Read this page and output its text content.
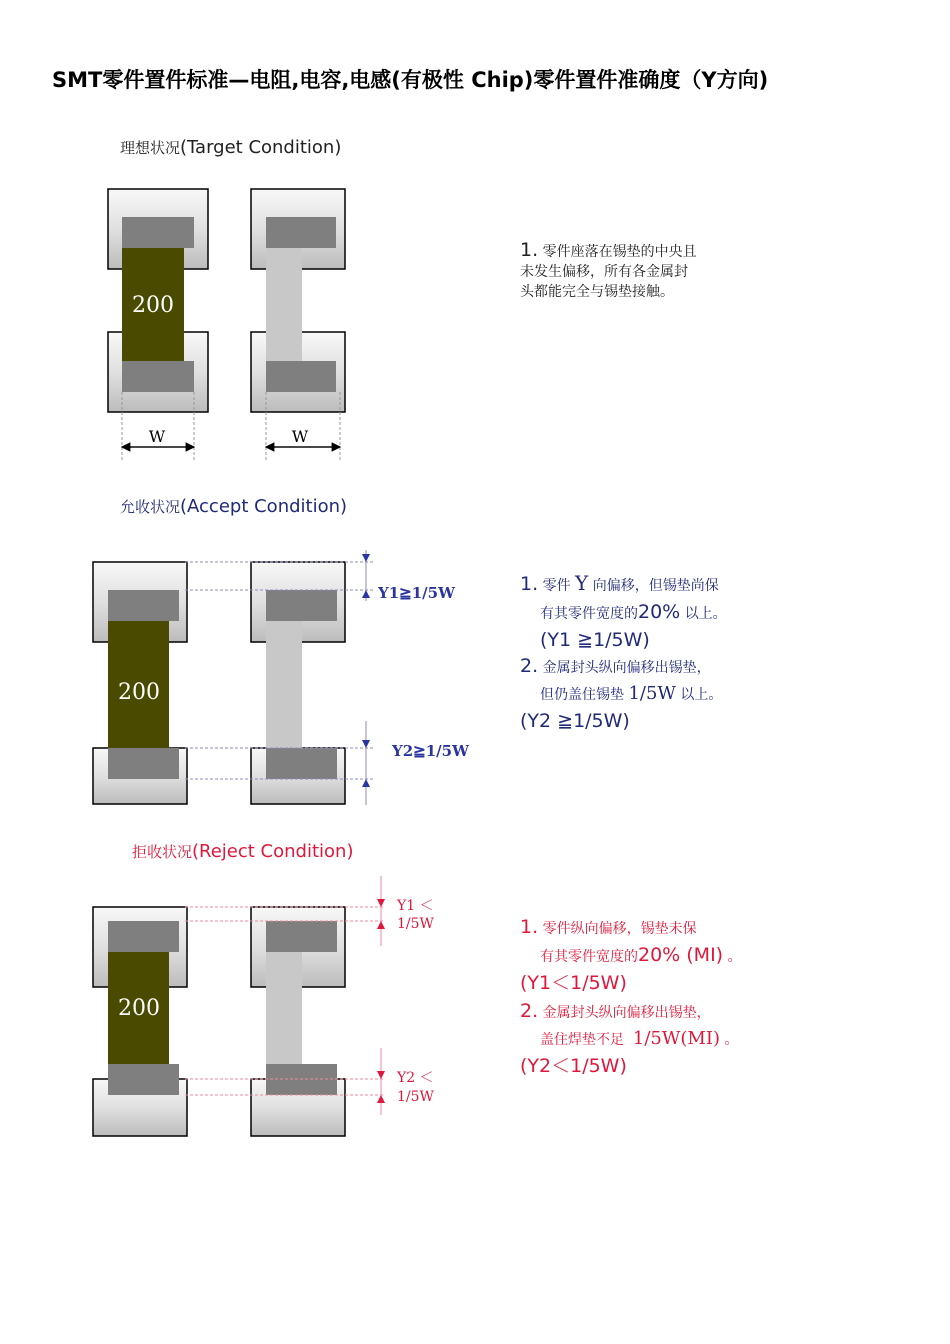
SMT零件置件标准—电阻,电容,电感(有极性 Chip)零件置件准确度（Y方向)
理想状况(Target Condition)
200
W	W
1. 零件座落在锡垫的中央且
未发生偏移，所有各金属封
头都能完全与锡垫接触。
允收状况(Accept Condition)
200
Y1≧1/5W
Y2≧1/5W
1. 零件 Y 向偏移，但锡垫尚保
有其零件宽度的20% 以上。
(Y1 ≧1/5W)
2. 金属封头纵向偏移出锡垫，
但仍盖住锡垫 1/5W 以上。
(Y2 ≧1/5W)
拒收状况(Reject Condition)
200
Y1 ＜
1/5W
Y2 ＜
1/5W
1. 零件纵向偏移，锡垫未保
有其零件宽度的20% (MI) 。
(Y1＜1/5W)
2. 金属封头纵向偏移出锡垫，
盖住焊垫不足 1/5W(MI) 。
(Y2＜1/5W)
